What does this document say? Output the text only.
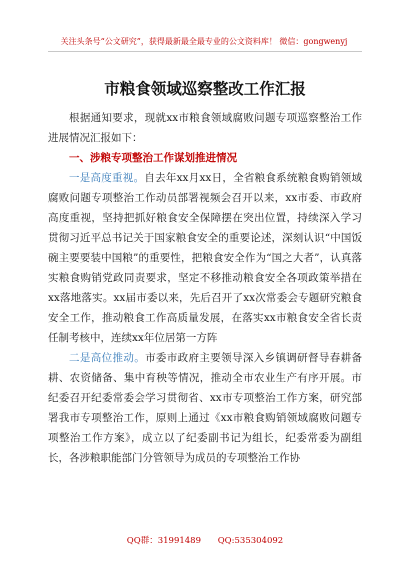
关注头条号“公文研究”，获得最新最全最专业的公文资料库！ 微信：gongwenyj
市粮食领域巡察整改工作汇报

根据通知要求，现就xx市粮食领域腐败问题专项巡察整治工作进展情况汇报如下：

一、涉粮专项整治工作谋划推进情况

一是高度重视。自去年xx月xx日，全省粮食系统粮食购销领域腐败问题专项整治工作动员部署视频会召开以来，xx市委、市政府高度重视，坚持把抓好粮食安全保障摆在突出位置，持续深入学习贯彻习近平总书记关于国家粮食安全的重要论述，深刻认识“中国饭碗主要要装中国粮”的重要性，把粮食安全作为“国之大者”，认真落实粮食购销党政同责要求，坚定不移推动粮食安全各项政策举措在xx落地落实。xx届市委以来，先后召开了xx次常委会专题研究粮食安全工作，推动粮食工作高质量发展，在落实xx市粮食安全省长责任制考核中，连续xx年位居第一方阵

二是高位推动。市委市政府主要领导深入乡镇调研督导春耕备耕、农资储备、集中育秧等情况，推动全市农业生产有序开展。市纪委召开纪委常委会学习贯彻省、xx市专项整治工作方案，研究部署我市专项整治工作，原则上通过《xx市粮食购销领域腐败问题专项整治工作方案》，成立以了纪委副书记为组长，纪委常委为副组长，各涉粮职能部门分管领导为成员的专项整治工作协

QQ群：31991489 QQ:535304092
